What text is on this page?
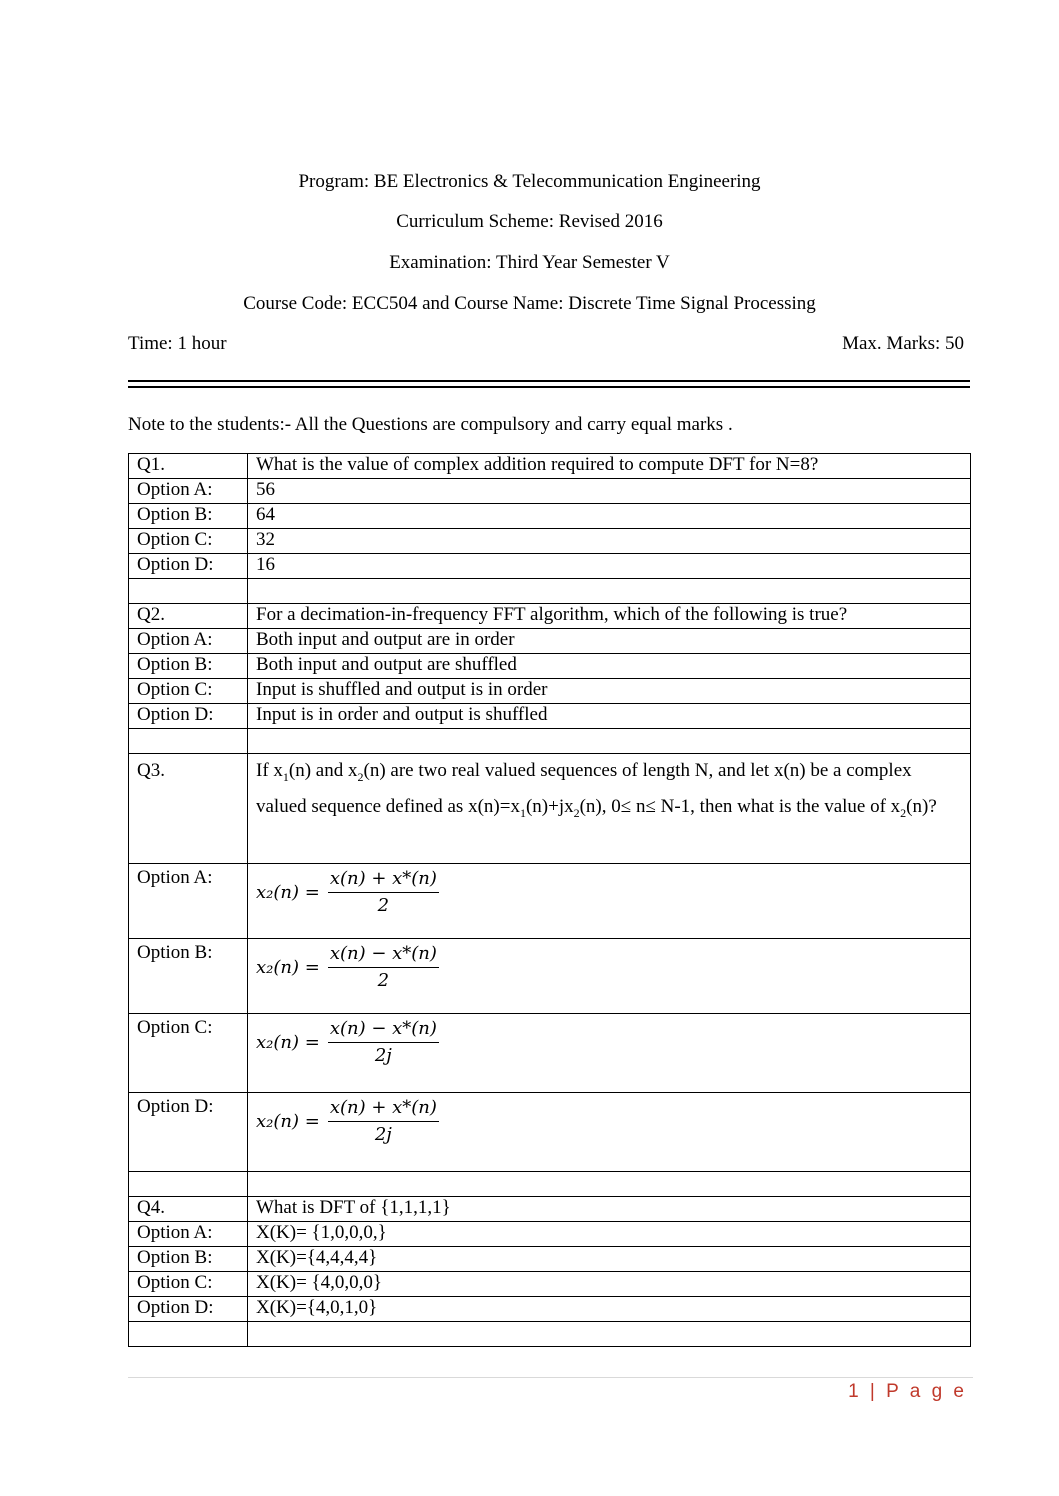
Program: BE Electronics & Telecommunication Engineering
Curriculum Scheme: Revised 2016
Examination: Third Year Semester V
Course Code: ECC504 and Course Name: Discrete Time Signal Processing
Time: 1 hour	Max. Marks: 50
Note to the students:- All the Questions are compulsory and carry equal marks .
Q1.	What is the value of complex addition required to compute DFT for N=8?
Option A:	56
Option B:	64
Option C:	32
Option D:	16

Q2.	For a decimation-in-frequency FFT algorithm, which of the following is true?
Option A:	Both input and output are in order
Option B:	Both input and output are shuffled
Option C:	Input is shuffled and output is in order
Option D:	Input is in order and output is shuffled

Q3.	If $x_1(n)$ and $x_2(n)$ are two real valued sequences of length N, and let x(n) be a complex valued sequence defined as $x(n)=x_1(n)+jx_2(n)$, 0≤ n≤ N-1, then what is the value of $x_2(n)$?
Option A:	$x_2(n) = \frac{x(n) + x*(n)}{2}$

Option B:	$x_2(n) = \frac{x(n) - x*(n)}{2}$

Option C:	$x_2(n) = \frac{x(n) - x*(n)}{2j}$

Option D:	$x_2(n) = \frac{x(n) + x*(n)}{2j}$

Q4.	What is DFT of {1,1,1,1}
Option A:	X(K)= {1,0,0,0,}
Option B:	X(K)={4,4,4,4}
Option C:	X(K)= {4,0,0,0}
Option D:	X(K)={4,0,1,0}

1 | P a g e
